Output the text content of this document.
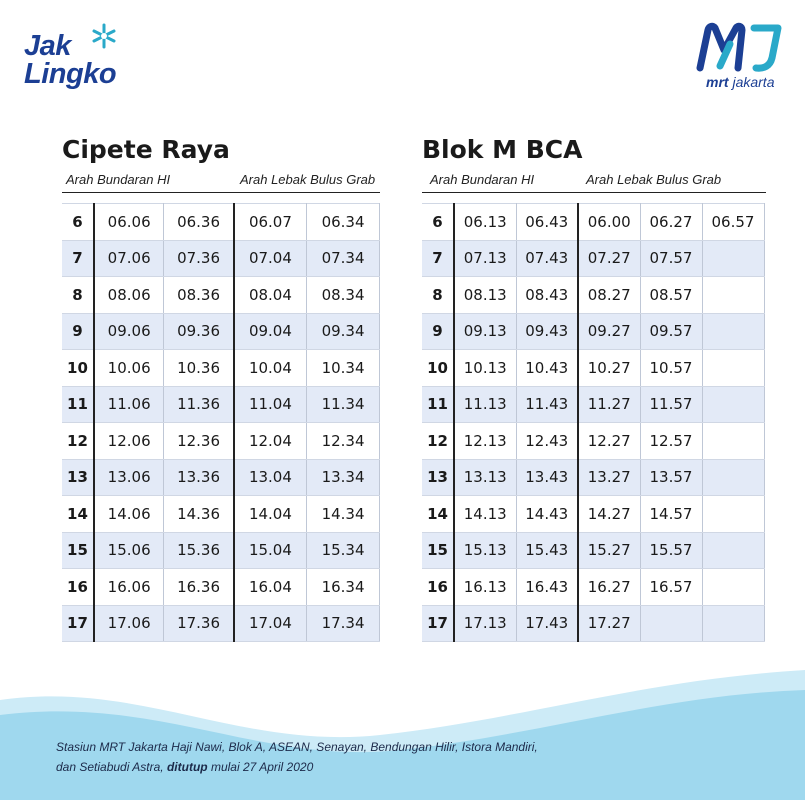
Jak
Lingko	mrt jakarta
Cipete Raya
Arah Bundaran HI	Arah Lebak Bulus Grab
6	06.06	06.36	06.07	06.34
7	07.06	07.36	07.04	07.34
8	08.06	08.36	08.04	08.34
9	09.06	09.36	09.04	09.34
10	10.06	10.36	10.04	10.34
11	11.06	11.36	11.04	11.34
12	12.06	12.36	12.04	12.34
13	13.06	13.36	13.04	13.34
14	14.06	14.36	14.04	14.34
15	15.06	15.36	15.04	15.34
16	16.06	16.36	16.04	16.34
17	17.06	17.36	17.04	17.34
Blok M BCA
Arah Bundaran HI	Arah Lebak Bulus Grab
6	06.13	06.43	06.00	06.27	06.57
7	07.13	07.43	07.27	07.57	
8	08.13	08.43	08.27	08.57	
9	09.13	09.43	09.27	09.57	
10	10.13	10.43	10.27	10.57	
11	11.13	11.43	11.27	11.57	
12	12.13	12.43	12.27	12.57	
13	13.13	13.43	13.27	13.57	
14	14.13	14.43	14.27	14.57	
15	15.13	15.43	15.27	15.57	
16	16.13	16.43	16.27	16.57	
17	17.13	17.43	17.27		
Stasiun MRT Jakarta Haji Nawi, Blok A, ASEAN, Senayan, Bendungan Hilir, Istora Mandiri,
dan Setiabudi Astra, ditutup mulai 27 April 2020
